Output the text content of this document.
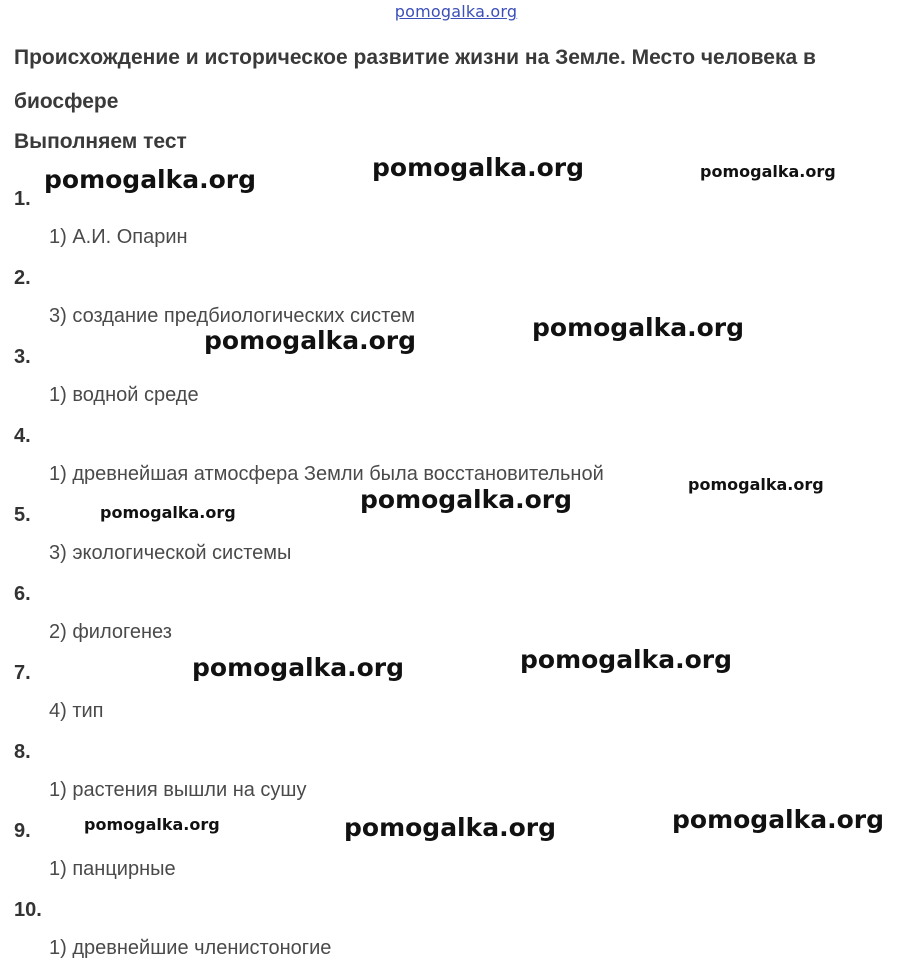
pomogalka.org
Происхождение и историческое развитие жизни на Земле. Место человека в биосфере
Выполняем тест
1.
1) А.И. Опарин
2.
3) создание предбиологических систем
3.
1) водной среде
4.
1) древнейшая атмосфера Земли была восстановительной
5.
3) экологической системы
6.
2) филогенез
7.
4) тип
8.
1) растения вышли на сушу
9.
1) панцирные
10.
1) древнейшие членистоногие
pomogalka.org	pomogalka.org	pomogalka.org
pomogalka.org
pomogalka.org
pomogalka.org
pomogalka.org
pomogalka.org
pomogalka.org
pomogalka.org
pomogalka.org	pomogalka.org
pomogalka.org
